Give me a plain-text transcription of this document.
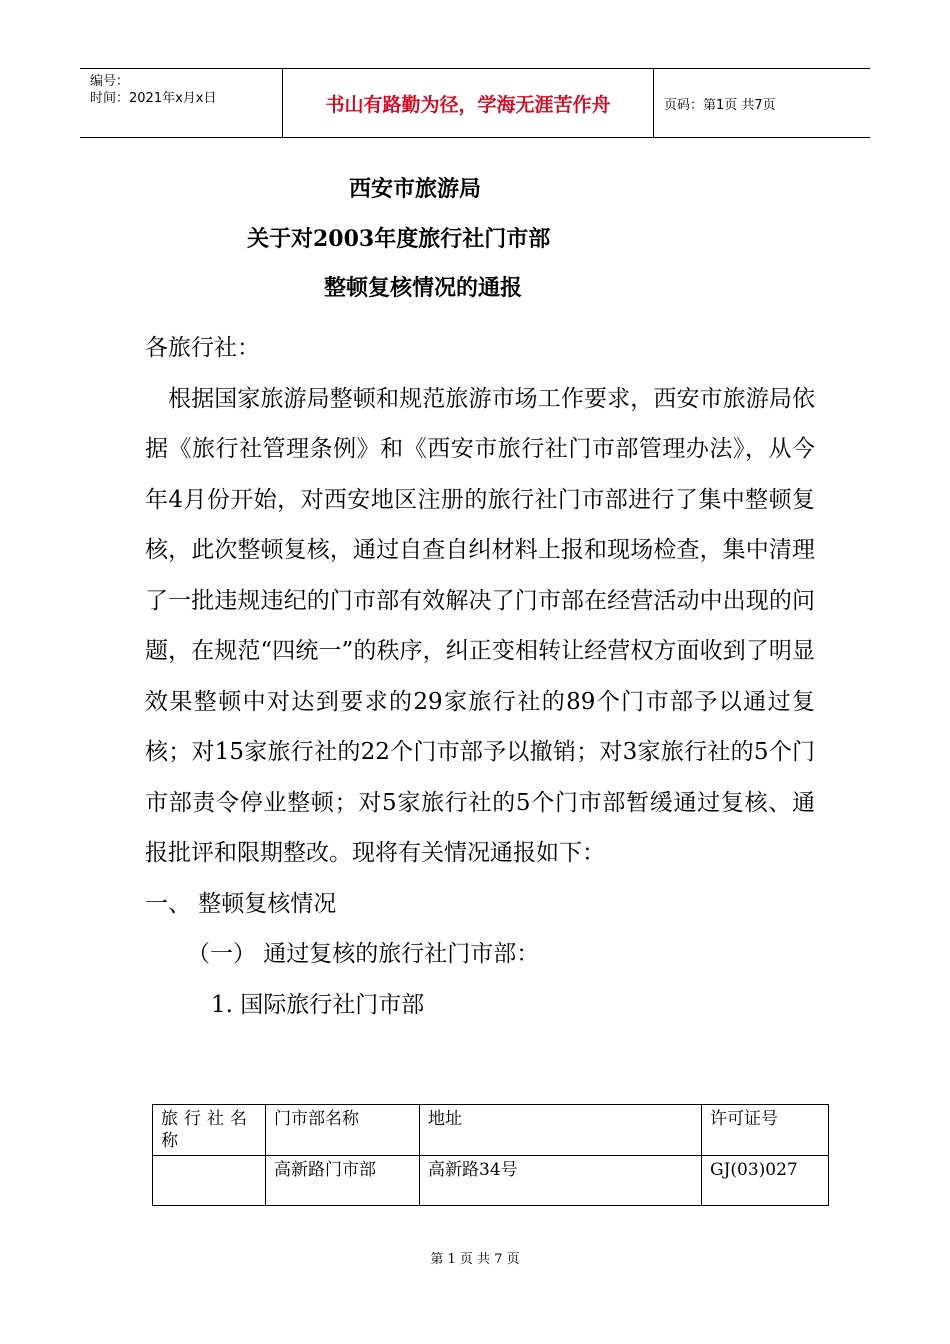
编号：
时间：2021年x月x日	书山有路勤为径，学海无涯苦作舟	页码：第1页 共7页
西安市旅游局
关于对2003年度旅行社门市部
整顿复核情况的通报

各旅行社：

根据国家旅游局整顿和规范旅游市场工作要求，西安市旅游局依据《旅行社管理条例》和《西安市旅行社门市部管理办法》，从今年4月份开始，对西安地区注册的旅行社门市部进行了集中整顿复核，此次整顿复核，通过自查自纠材料上报和现场检查，集中清理了一批违规违纪的门市部有效解决了门市部在经营活动中出现的问题，在规范“四统一”的秩序，纠正变相转让经营权方面收到了明显效果整顿中对达到要求的29家旅行社的89个门市部予以通过复核；对15家旅行社的22个门市部予以撤销；对3家旅行社的5个门市部责令停业整顿；对5家旅行社的5个门市部暂缓通过复核、通报批评和限期整改。现将有关情况通报如下：

一、 整顿复核情况

（一） 通过复核的旅行社门市部：

1. 国际旅行社门市部

旅行社名称	门市部名称	地址	许可证号
	高新路门市部	高新路34号	GJ(03)027
第 1 页 共 7 页
